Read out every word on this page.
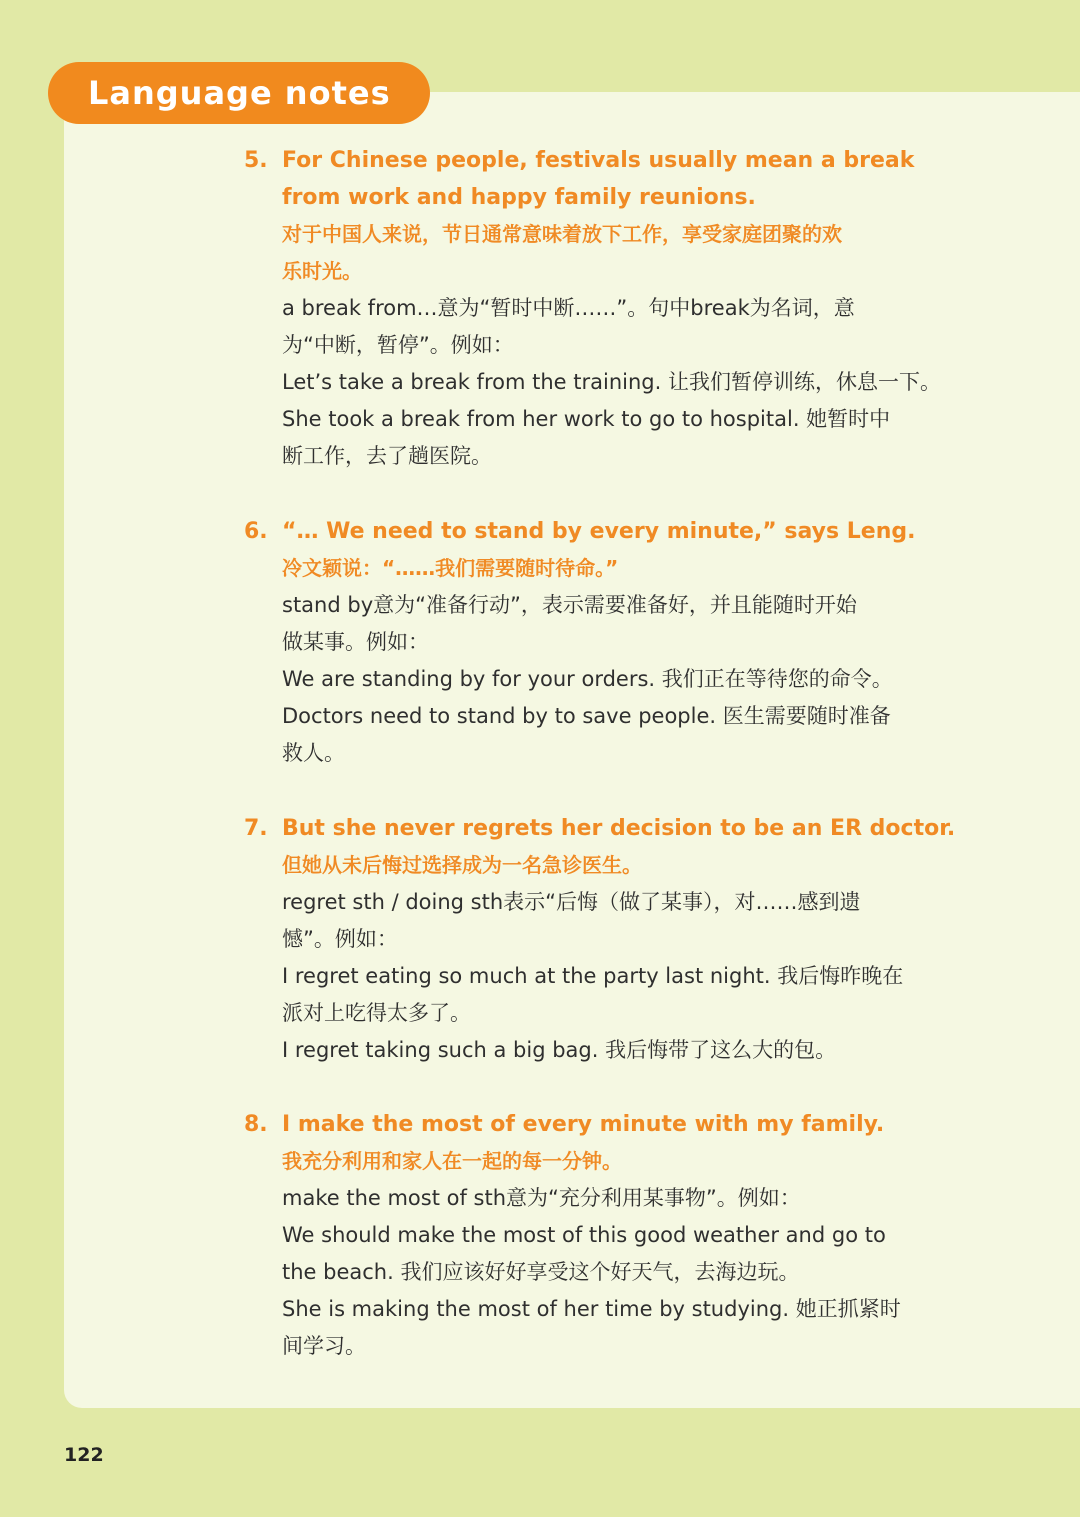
Language notes
5. For Chinese people, festivals usually mean a break
from work and happy family reunions.
对于中国人来说，节日通常意味着放下工作，享受家庭团聚的欢
乐时光。
a break from…意为“暂时中断……”。句中break为名词，意
为“中断，暂停”。例如：
Let’s take a break from the training. 让我们暂停训练，休息一下。
She took a break from her work to go to hospital. 她暂时中
断工作，去了趟医院。
6. “… We need to stand by every minute,” says Leng.
冷文颖说：“……我们需要随时待命。”
stand by意为“准备行动”，表示需要准备好，并且能随时开始
做某事。例如：
We are standing by for your orders. 我们正在等待您的命令。
Doctors need to stand by to save people. 医生需要随时准备
救人。
7. But she never regrets her decision to be an ER doctor.
但她从未后悔过选择成为一名急诊医生。
regret sth / doing sth表示“后悔（做了某事），对……感到遗
憾”。例如：
I regret eating so much at the party last night. 我后悔昨晚在
派对上吃得太多了。
I regret taking such a big bag. 我后悔带了这么大的包。
8. I make the most of every minute with my family.
我充分利用和家人在一起的每一分钟。
make the most of sth意为“充分利用某事物”。例如：
We should make the most of this good weather and go to
the beach. 我们应该好好享受这个好天气，去海边玩。
She is making the most of her time by studying. 她正抓紧时
间学习。
122
